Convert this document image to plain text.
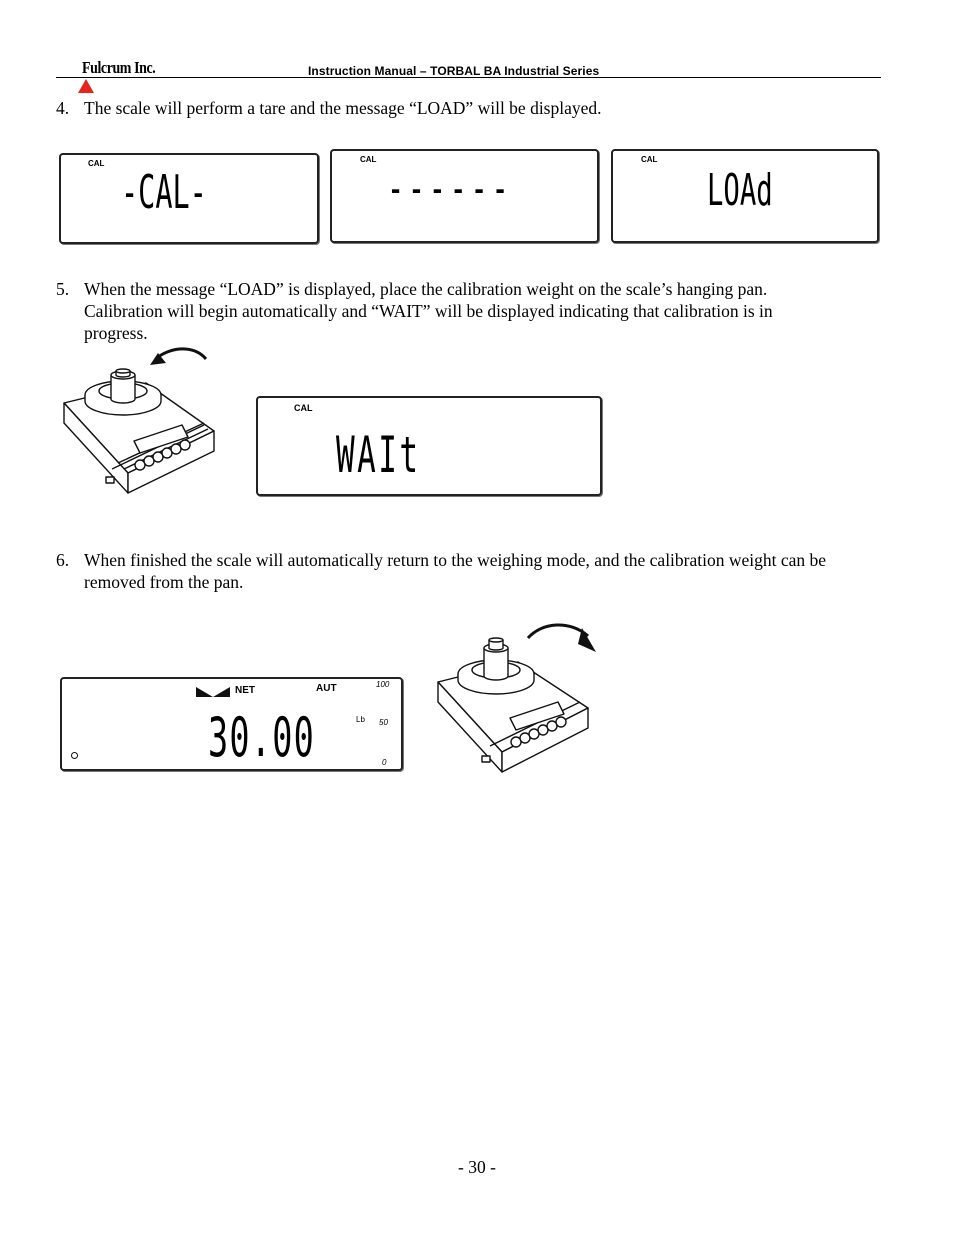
Fulcrum Inc.	Instruction Manual – TORBAL BA Industrial Series
4. The scale will perform a tare and the message “LOAD” will be displayed.
CAL
-CAL-
CAL
------
CAL
LOAd
5. When the message “LOAD” is displayed, place the calibration weight on the scale’s hanging pan.
Calibration will begin automatically and “WAIT” will be displayed indicating that calibration is in
progress.
CAL
WAIt
6. When finished the scale will automatically return to the weighing mode, and the calibration weight can be
removed from the pan.
NET	AUT
30.00	Lb
100
50
0
- 30 -
